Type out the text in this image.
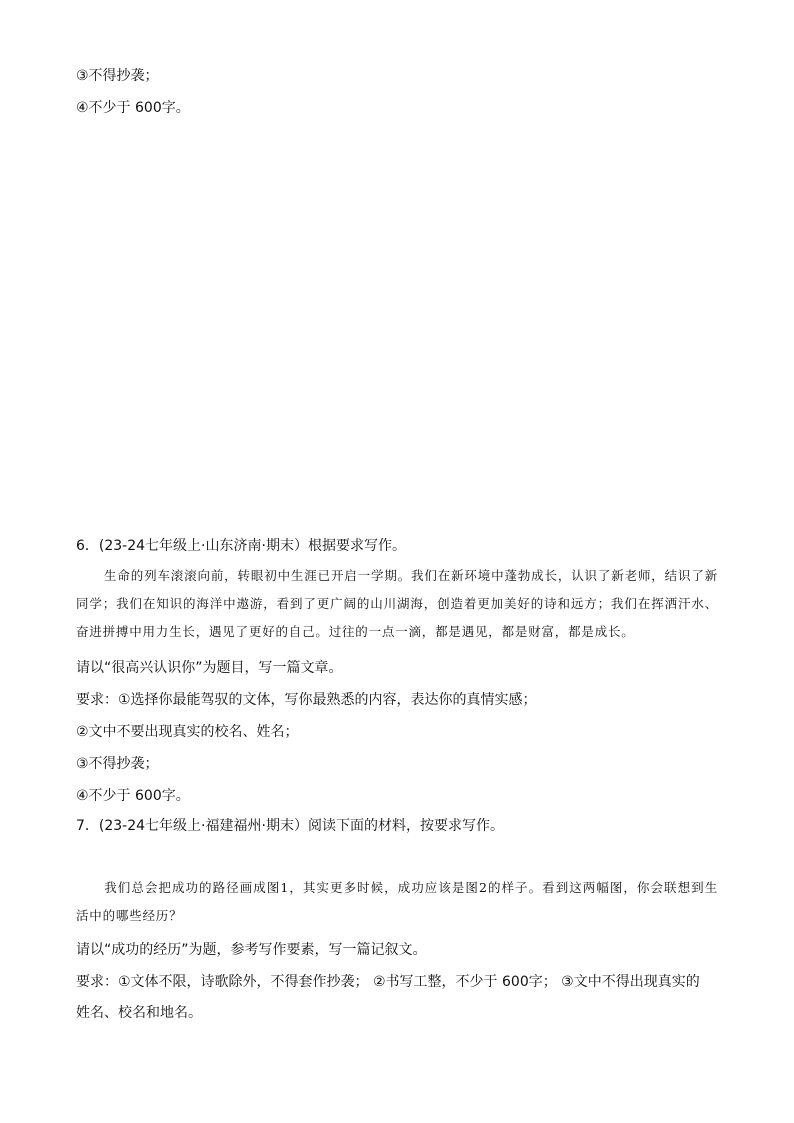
③不得抄袭；
④不少于 600字。
6．(23-24七年级上·山东济南·期末）根据要求写作。
生命的列车滚滚向前，转眼初中生涯已开启一学期。我们在新环境中蓬勃成长，认识了新老师，结识了新同学；我们在知识的海洋中遨游，看到了更广阔的山川湖海，创造着更加美好的诗和远方；我们在挥洒汗水、奋进拼搏中用力生长，遇见了更好的自己。过往的一点一滴，都是遇见，都是财富，都是成长。
请以“很高兴认识你”为题目，写一篇文章。
要求：①选择你最能驾驭的文体，写你最熟悉的内容，表达你的真情实感；
②文中不要出现真实的校名、姓名；
③不得抄袭；
④不少于 600字。
7．(23-24七年级上·福建福州·期末）阅读下面的材料，按要求写作。
我们总会把成功的路径画成图1，其实更多时候，成功应该是图2的样子。看到这两幅图，你会联想到生活中的哪些经历？
请以“成功的经历”为题，参考写作要素，写一篇记叙文。
要求：①文体不限，诗歌除外，不得套作抄袭； ②书写工整，不少于 600字； ③文中不得出现真实的
姓名、校名和地名。
